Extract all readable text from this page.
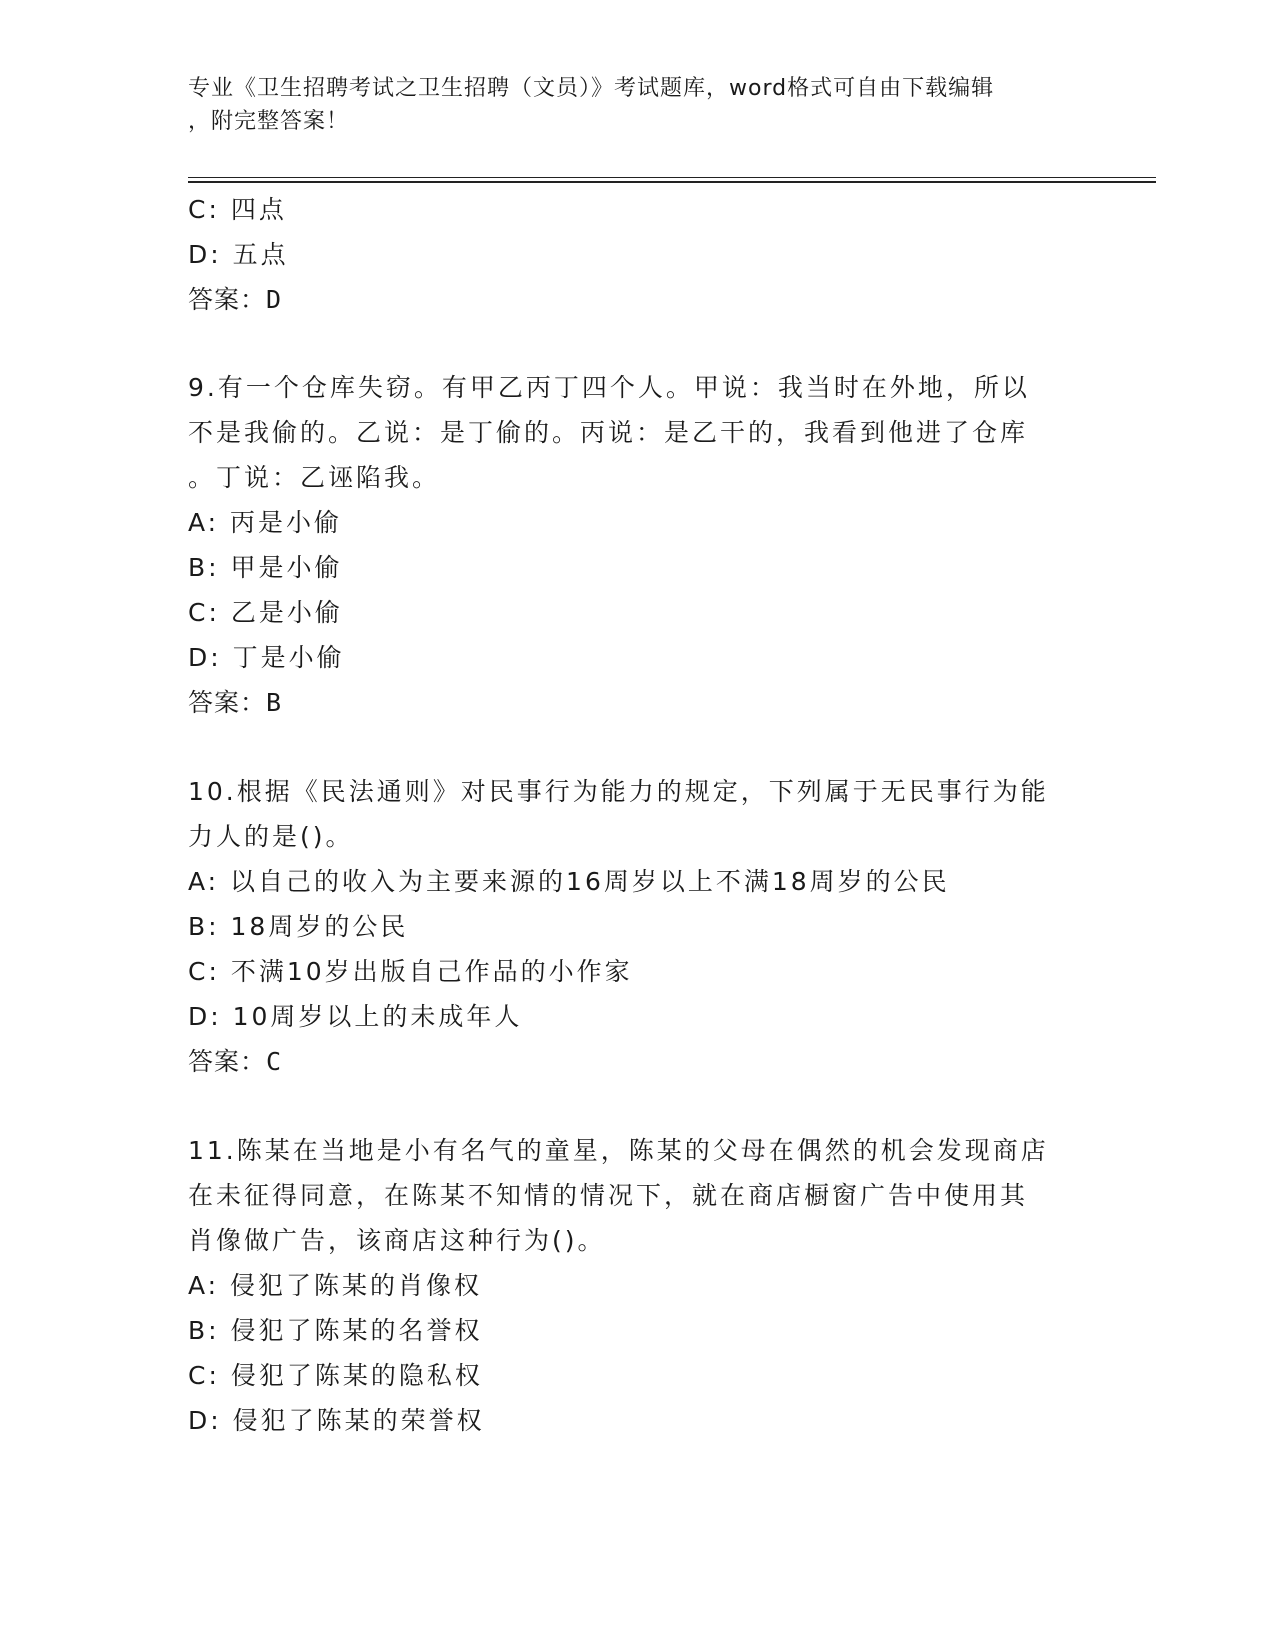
专业《卫生招聘考试之卫生招聘（文员）》考试题库，word格式可自由下载编辑
，附完整答案！
C: 四点
D: 五点
答案：D
9.有一个仓库失窃。有甲乙丙丁四个人。甲说：我当时在外地，所以
不是我偷的。乙说：是丁偷的。丙说：是乙干的，我看到他进了仓库
。丁说：乙诬陷我。
A: 丙是小偷
B: 甲是小偷
C: 乙是小偷
D: 丁是小偷
答案：B
10.根据《民法通则》对民事行为能力的规定，下列属于无民事行为能
力人的是()。
A: 以自己的收入为主要来源的16周岁以上不满18周岁的公民
B: 18周岁的公民
C: 不满10岁出版自己作品的小作家
D: 10周岁以上的未成年人
答案：C
11.陈某在当地是小有名气的童星，陈某的父母在偶然的机会发现商店
在未征得同意，在陈某不知情的情况下，就在商店橱窗广告中使用其
肖像做广告，该商店这种行为()。
A: 侵犯了陈某的肖像权
B: 侵犯了陈某的名誉权
C: 侵犯了陈某的隐私权
D: 侵犯了陈某的荣誉权
